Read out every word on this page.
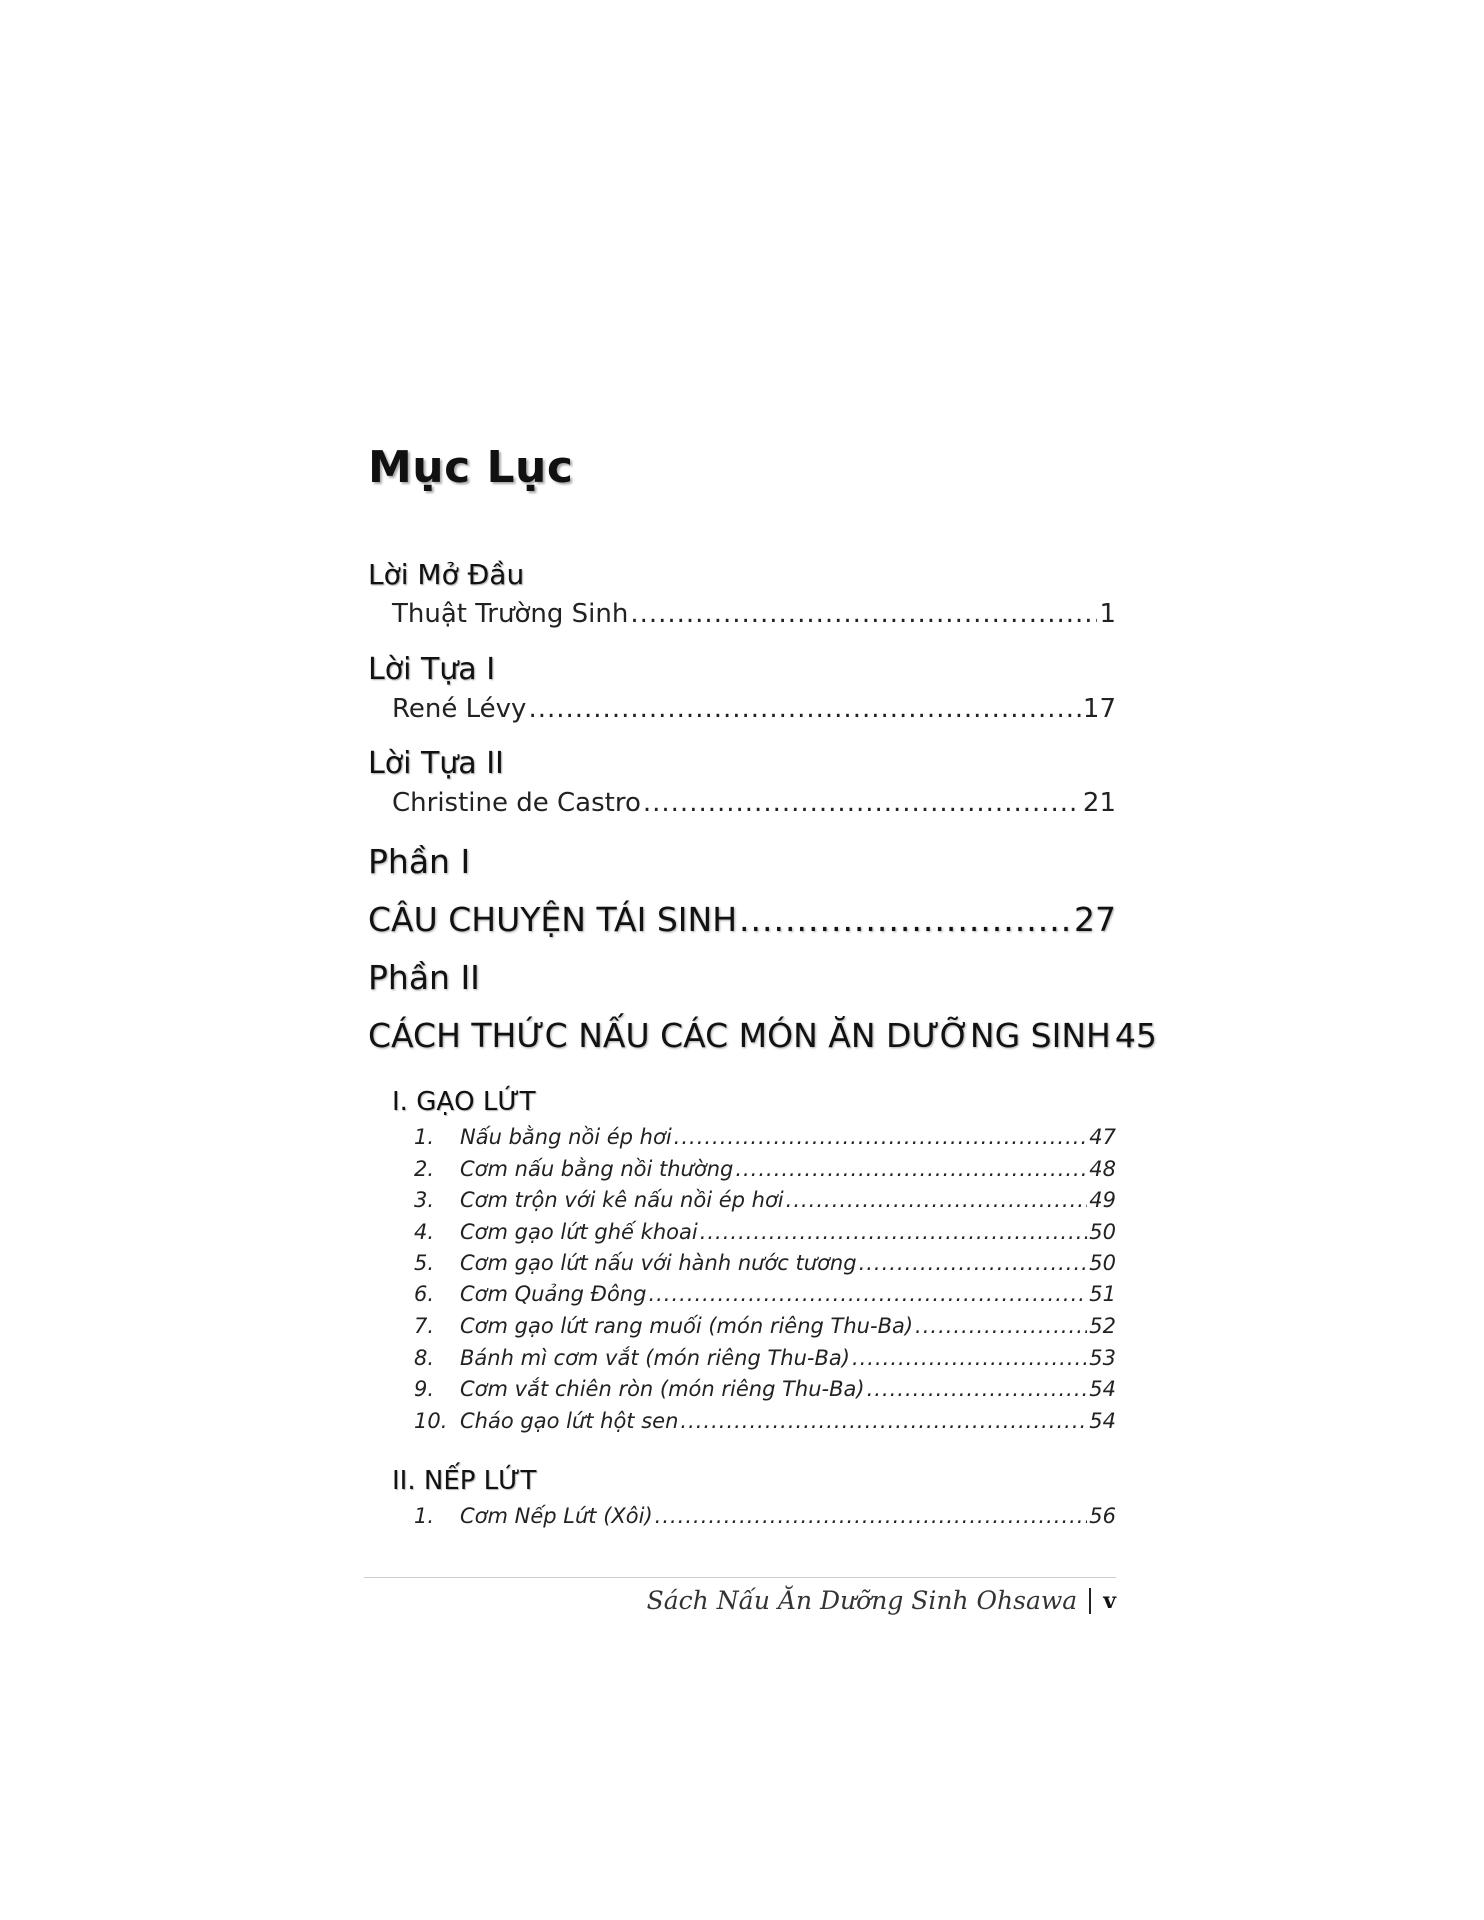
Mục Lục
Lời Mở Đầu
Thuật Trường Sinh .....	1
Lời Tựa I
René Lévy .....	17
Lời Tựa II
Christine de Castro .....	21
Phần I
CÂU CHUYỆN TÁI SINH .....	27
Phần II
CÁCH THỨC NẤU CÁC MÓN ĂN DƯỠNG SINH 45
I. GẠO LỨT
1.	Nấu bằng nồi ép hơi .....	47
2.	Cơm nấu bằng nồi thường .....	48
3.	Cơm trộn với kê nấu nồi ép hơi .....	49
4.	Cơm gạo lứt ghế khoai .....	50
5.	Cơm gạo lứt nấu với hành nước tương .....	50
6.	Cơm Quảng Đông .....	51
7.	Cơm gạo lứt rang muối (món riêng Thu-Ba) .....	52
8.	Bánh mì cơm vắt (món riêng Thu-Ba) .....	53
9.	Cơm vắt chiên ròn (món riêng Thu-Ba) .....	54
10. Cháo gạo lứt hột sen .....	54
II. NẾP LỨT
1.	Cơm Nếp Lứt (Xôi) .....	56
Sách Nấu Ăn Dưỡng Sinh Ohsawa v
